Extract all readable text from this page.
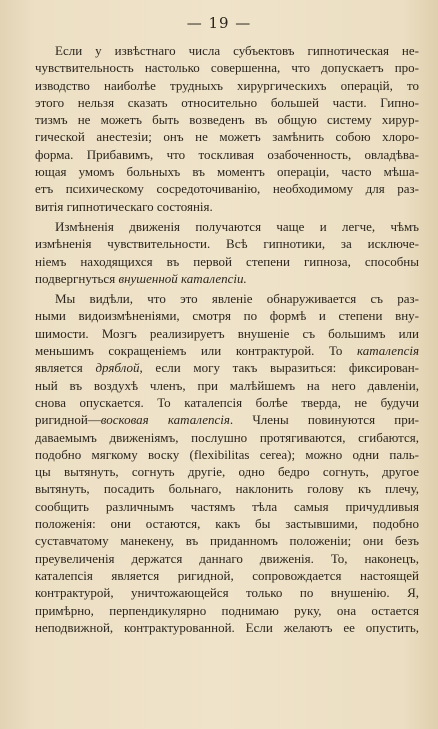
— 19 —
Если у извѣстнаго числа субъектовъ гипнотическая не-
чувствительность настолько совершенна, что допускаетъ про-
изводство наиболѣе трудныхъ хирургическихъ операцій, то
этого нельзя сказать относительно большей части. Гипно-
тизмъ не можетъ быть возведенъ въ общую систему хирур-
гической анестезіи; онъ не можетъ замѣнить собою хлоро-
форма. Прибавимъ, что тоскливая озабоченность, овладѣва-
ющая умомъ больныхъ въ моментъ операціи, часто мѣша-
етъ психическому сосредоточиванію, необходимому для раз-
витія гипнотическаго состоянія.
Измѣненія движенія получаются чаще и легче, чѣмъ
измѣненія чувствительности. Всѣ гипнотики, за исключе-
ніемъ находящихся въ первой степени гипноза, способны
подвергнуться внушенной каталепсіи.
Мы видѣли, что это явленіе обнаруживается съ раз-
ными видоизмѣненіями, смотря по формѣ и степени вну-
шимости. Мозгъ реализируетъ внушеніе съ большимъ или
меньшимъ сокращеніемъ или контрактурой. То каталепсія
является дряблой, если могу такъ выразиться: фиксирован-
ный въ воздухѣ членъ, при малѣйшемъ на него давленіи,
снова опускается. То каталепсія болѣе тверда, не будучи
ригидной—восковая каталепсія. Члены повинуются при-
даваемымъ движеніямъ, послушно протягиваются, сгибаются,
подобно мягкому воску (flexibilitas cerea); можно одни паль-
цы вытянуть, согнуть другіе, одно бедро согнуть, другое
вытянуть, посадить больнаго, наклонить голову къ плечу,
сообщить различнымъ частямъ тѣла самыя причудливыя
положенія: они остаются, какъ бы застывшими, подобно
суставчатому манекену, въ приданномъ положеніи; они безъ
преувеличенія держатся даннаго движенія. То, наконецъ,
каталепсія является ригидной, сопровождается настоящей
контрактурой, уничтожающейся только по внушенію. Я,
примѣрно, перпендикулярно поднимаю руку, она остается
неподвижной, контрактурованной. Если желаютъ ее опустить,
